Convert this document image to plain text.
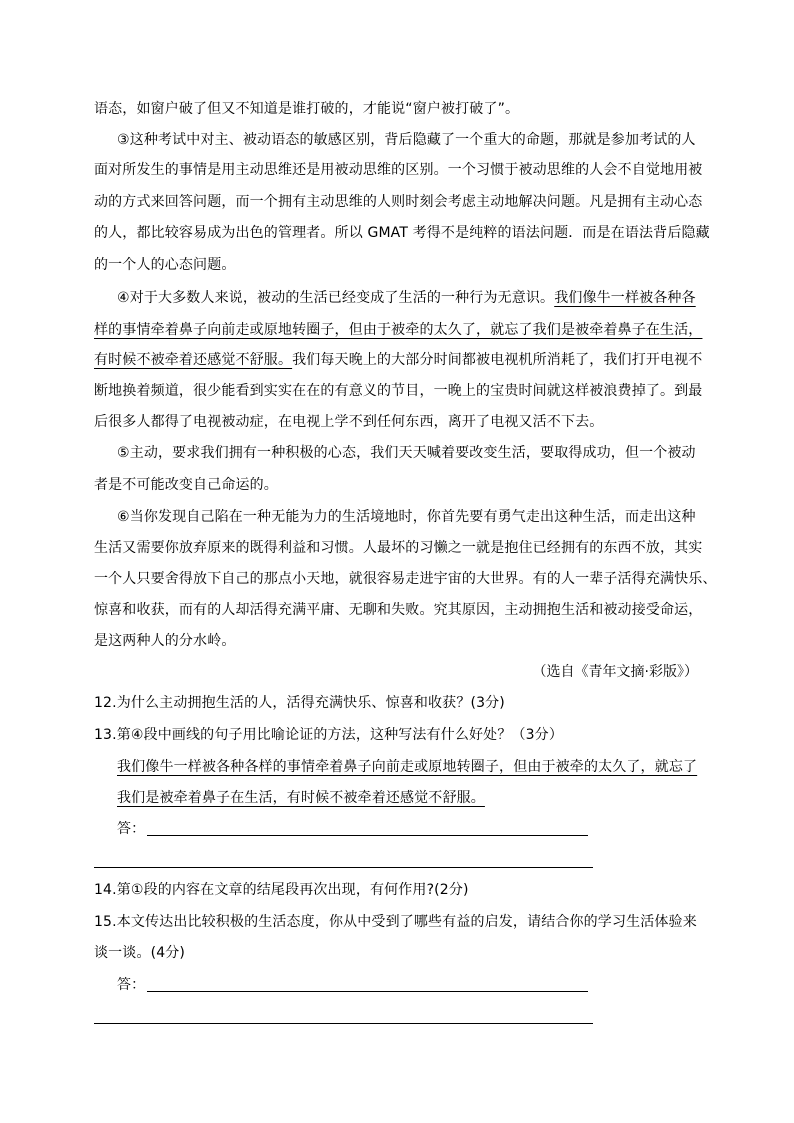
语态，如窗户破了但又不知道是谁打破的，才能说“窗户被打破了”。
③这种考试中对主、被动语态的敏感区别，背后隐藏了一个重大的命题，那就是参加考试的人
面对所发生的事情是用主动思维还是用被动思维的区别。一个习惯于被动思维的人会不自觉地用被
动的方式来回答问题，而一个拥有主动思维的人则时刻会考虑主动地解决问题。凡是拥有主动心态
的人，都比较容易成为出色的管理者。所以 GMAT 考得不是纯粹的语法问题．而是在语法背后隐藏
的一个人的心态问题。
④对于大多数人来说，被动的生活已经变成了生活的一种行为无意识。我们像牛一样被各种各
样的事情牵着鼻子向前走或原地转圈子，但由于被牵的太久了，就忘了我们是被牵着鼻子在生活，
有时候不被牵着还感觉不舒服。我们每天晚上的大部分时间都被电视机所消耗了，我们打开电视不
断地换着频道，很少能看到实实在在的有意义的节目，一晚上的宝贵时间就这样被浪费掉了。到最
后很多人都得了电视被动症，在电视上学不到任何东西，离开了电视又活不下去。
⑤主动，要求我们拥有一种积极的心态，我们天天喊着要改变生活，要取得成功，但一个被动
者是不可能改变自己命运的。
⑥当你发现自己陷在一种无能为力的生活境地时，你首先要有勇气走出这种生活，而走出这种
生活又需要你放弃原来的既得利益和习惯。人最坏的习懒之一就是抱住已经拥有的东西不放，其实
一个人只要舍得放下自己的那点小天地，就很容易走进宇宙的大世界。有的人一辈子活得充满快乐、
惊喜和收获，而有的人却活得充满平庸、无聊和失败。究其原因，主动拥抱生活和被动接受命运，
是这两种人的分水岭。
（选自《青年文摘·彩版》）
12.为什么主动拥抱生活的人，活得充满快乐、惊喜和收获？(3分)
13.第④段中画线的句子用比喻论证的方法，这种写法有什么好处？（3分）
我们像牛一样被各种各样的事情牵着鼻子向前走或原地转圈子，但由于被牵的太久了，就忘了
我们是被牵着鼻子在生活，有时候不被牵着还感觉不舒服。
答：
14.第①段的内容在文章的结尾段再次出现，有何作用?(2分)
15.本文传达出比较积极的生活态度，你从中受到了哪些有益的启发，请结合你的学习生活体验来
谈一谈。(4分)
答：
